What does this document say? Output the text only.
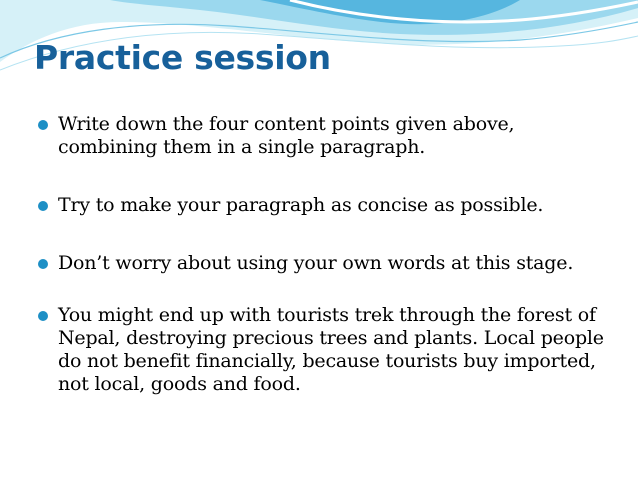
Practice session
Write down the four content points given above, combining them in a single paragraph.
Try to make your paragraph as concise as possible.
Don’t worry about using your own words at this stage.
You might end up with tourists trek through the forest of Nepal, destroying precious trees and plants. Local people do not benefit financially, because tourists buy imported, not local, goods and food.
